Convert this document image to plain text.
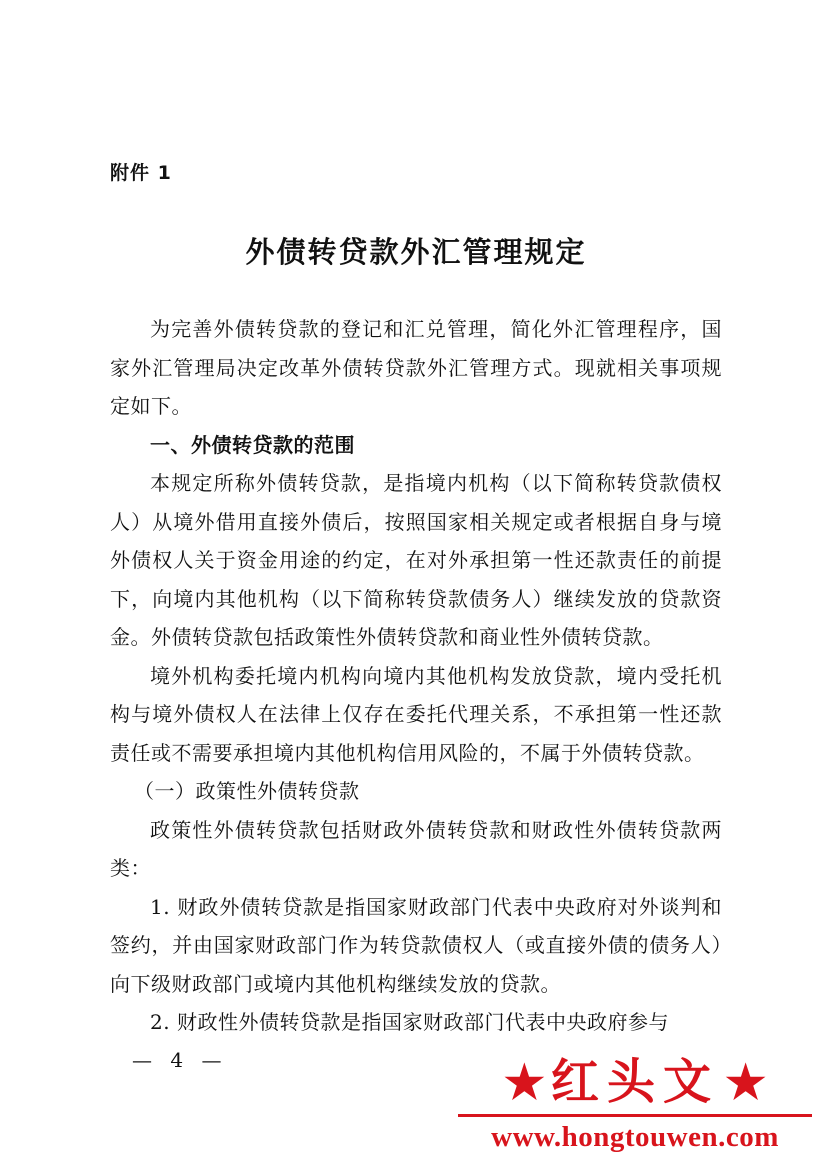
附件 1
外债转贷款外汇管理规定

为完善外债转贷款的登记和汇兑管理，简化外汇管理程序，国家外汇管理局决定改革外债转贷款外汇管理方式。现就相关事项规定如下。

一、外债转贷款的范围

本规定所称外债转贷款，是指境内机构（以下简称转贷款债权人）从境外借用直接外债后，按照国家相关规定或者根据自身与境外债权人关于资金用途的约定，在对外承担第一性还款责任的前提下，向境内其他机构（以下简称转贷款债务人）继续发放的贷款资金。外债转贷款包括政策性外债转贷款和商业性外债转贷款。

境外机构委托境内机构向境内其他机构发放贷款，境内受托机构与境外债权人在法律上仅存在委托代理关系，不承担第一性还款责任或不需要承担境内其他机构信用风险的，不属于外债转贷款。

（一）政策性外债转贷款

政策性外债转贷款包括财政外债转贷款和财政性外债转贷款两类：

1. 财政外债转贷款是指国家财政部门代表中央政府对外谈判和签约，并由国家财政部门作为转贷款债权人（或直接外债的债务人）向下级财政部门或境内其他机构继续发放的贷款。

2. 财政性外债转贷款是指国家财政部门代表中央政府参与

— 4 —	★ 红头文 ★
www.hongtouwen.com
